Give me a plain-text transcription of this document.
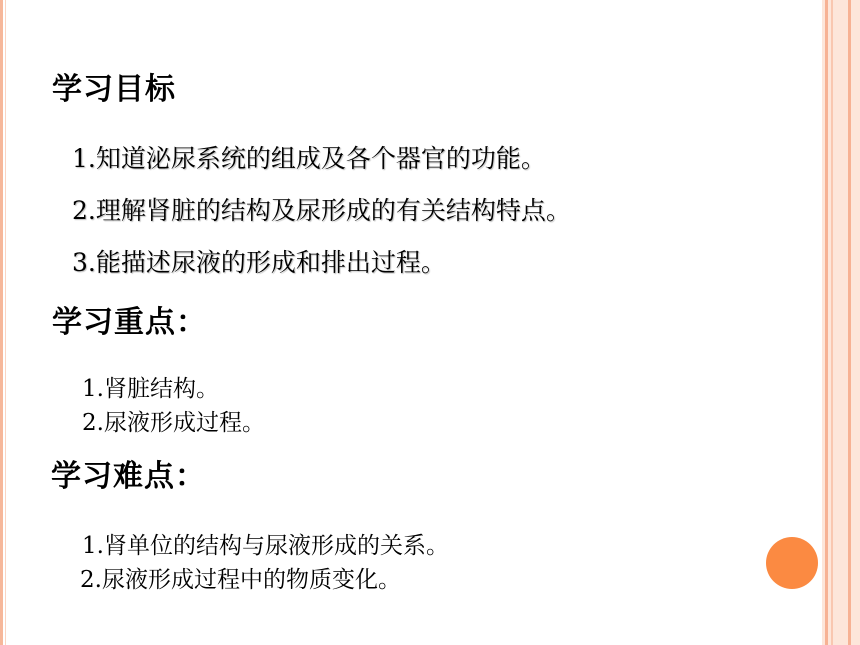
学习目标
1.知道泌尿系统的组成及各个器官的功能。
2.理解肾脏的结构及尿形成的有关结构特点。
3.能描述尿液的形成和排出过程。
学习重点：
1.肾脏结构。
2.尿液形成过程。
学习难点：
1.肾单位的结构与尿液形成的关系。
2.尿液形成过程中的物质变化。
